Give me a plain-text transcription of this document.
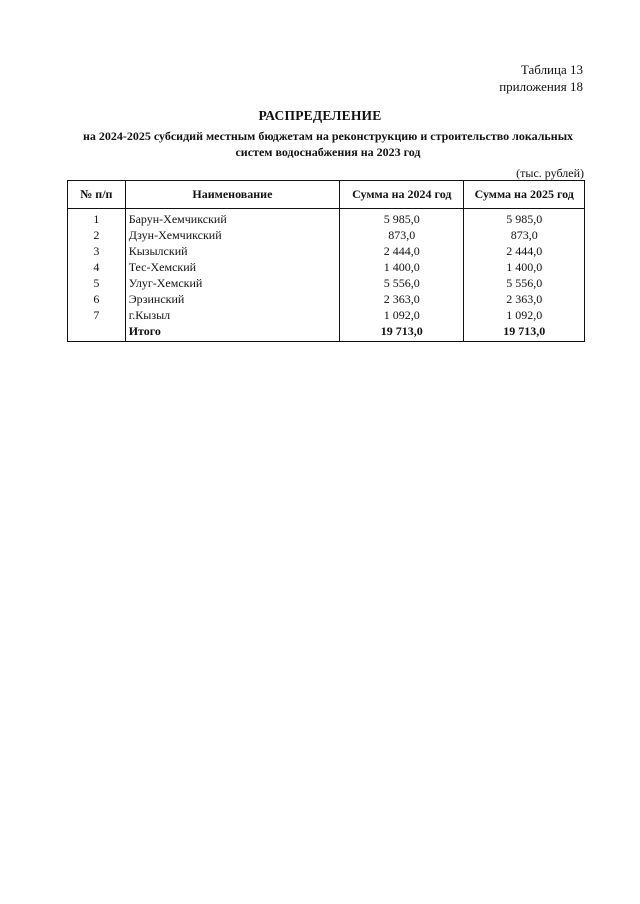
Таблица 13
приложения 18
РАСПРЕДЕЛЕНИЕ
на 2024-2025 субсидий местным бюджетам на реконструкцию и строительство локальных
систем водоснабжения на 2023 год
(тыс. рублей)
№ п/п	Наименование	Сумма на 2024 год	Сумма на 2025 год
1	Барун-Хемчикский	5 985,0	5 985,0
2	Дзун-Хемчикский	873,0	873,0
3	Кызылский	2 444,0	2 444,0
4	Тес-Хемский	1 400,0	1 400,0
5	Улуг-Хемский	5 556,0	5 556,0
6	Эрзинский	2 363,0	2 363,0
7	г.Кызыл	1 092,0	1 092,0
	Итого	19 713,0	19 713,0
